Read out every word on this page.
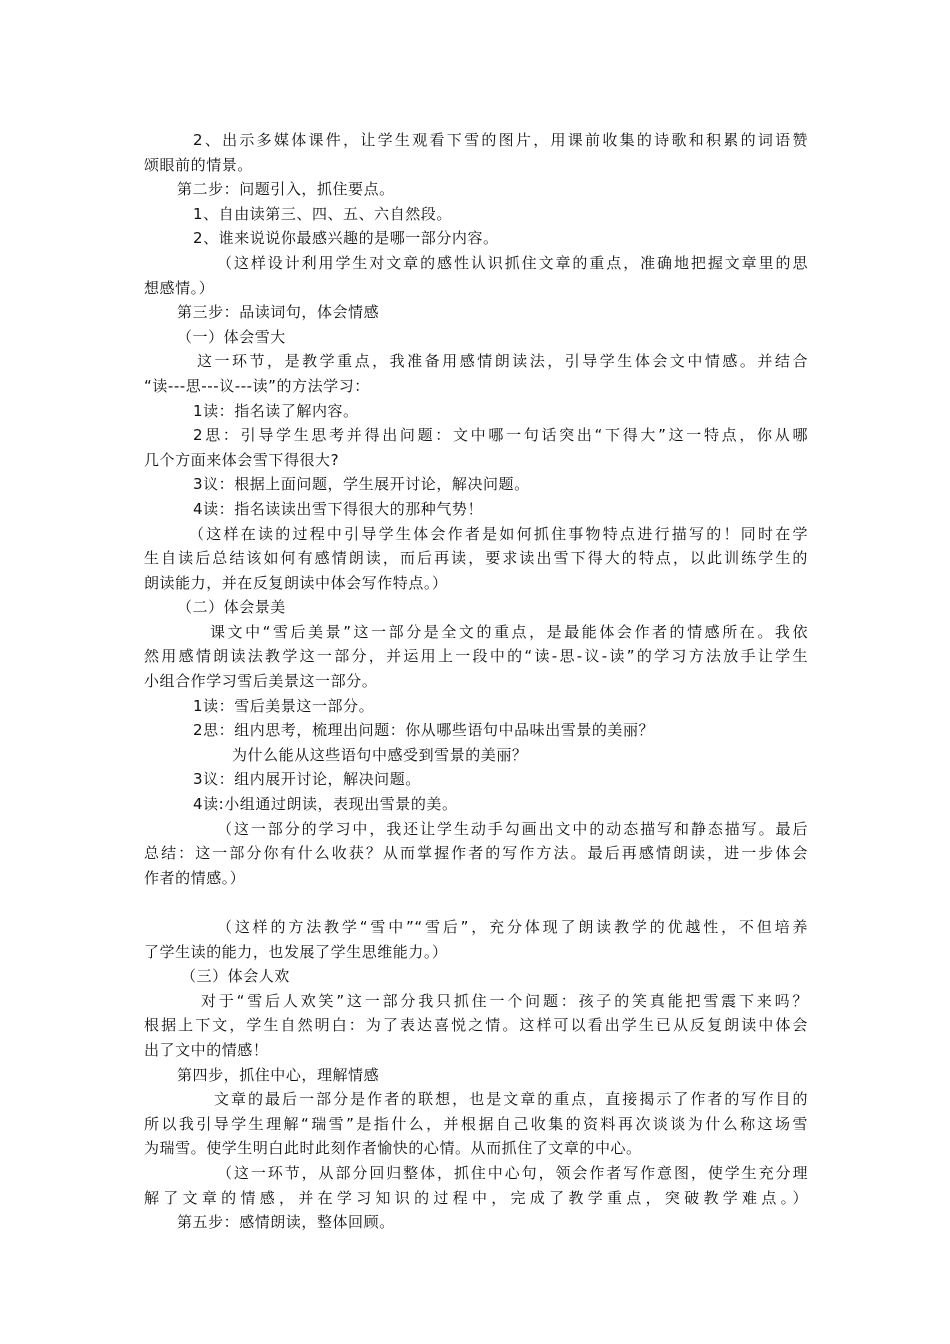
2、出示多媒体课件，让学生观看下雪的图片，用课前收集的诗歌和积累的词语赞
颂眼前的情景。
第二步：问题引入，抓住要点。
1、自由读第三、四、五、六自然段。
2、谁来说说你最感兴趣的是哪一部分内容。
（这样设计利用学生对文章的感性认识抓住文章的重点，准确地把握文章里的思
想感情。）
第三步：品读词句，体会情感
（一）体会雪大
这一环节，是教学重点，我准备用感情朗读法，引导学生体会文中情感。并结合
“读---思---议---读”的方法学习：
1读：指名读了解内容。
2思：引导学生思考并得出问题：文中哪一句话突出“下得大”这一特点，你从哪
几个方面来体会雪下得很大?
3议：根据上面问题，学生展开讨论，解决问题。
4读：指名读读出雪下得很大的那种气势！
（这样在读的过程中引导学生体会作者是如何抓住事物特点进行描写的！同时在学
生自读后总结该如何有感情朗读，而后再读，要求读出雪下得大的特点，以此训练学生的
朗读能力，并在反复朗读中体会写作特点。）
（二）体会景美
课文中“雪后美景”这一部分是全文的重点，是最能体会作者的情感所在。我依
然用感情朗读法教学这一部分，并运用上一段中的“读-思-议-读”的学习方法放手让学生
小组合作学习雪后美景这一部分。
1读：雪后美景这一部分。
2思：组内思考，梳理出问题：你从哪些语句中品味出雪景的美丽？
为什么能从这些语句中感受到雪景的美丽？
3议：组内展开讨论，解决问题。
4读:小组通过朗读，表现出雪景的美。
（这一部分的学习中，我还让学生动手勾画出文中的动态描写和静态描写。最后
总结：这一部分你有什么收获？从而掌握作者的写作方法。最后再感情朗读，进一步体会
作者的情感。）
（这样的方法教学“雪中”“雪后”，充分体现了朗读教学的优越性，不但培养
了学生读的能力，也发展了学生思维能力。）
（三）体会人欢
对于“雪后人欢笑”这一部分我只抓住一个问题：孩子的笑真能把雪震下来吗？
根据上下文，学生自然明白：为了表达喜悦之情。这样可以看出学生已从反复朗读中体会
出了文中的情感！
第四步，抓住中心，理解情感
文章的最后一部分是作者的联想，也是文章的重点，直接揭示了作者的写作目的
所以我引导学生理解“瑞雪”是指什么，并根据自己收集的资料再次谈谈为什么称这场雪
为瑞雪。使学生明白此时此刻作者愉快的心情。从而抓住了文章的中心。
（这一环节，从部分回归整体，抓住中心句，领会作者写作意图，使学生充分理
解了文章的情感，并在学习知识的过程中，完成了教学重点，突破教学难点。）
第五步：感情朗读，整体回顾。
